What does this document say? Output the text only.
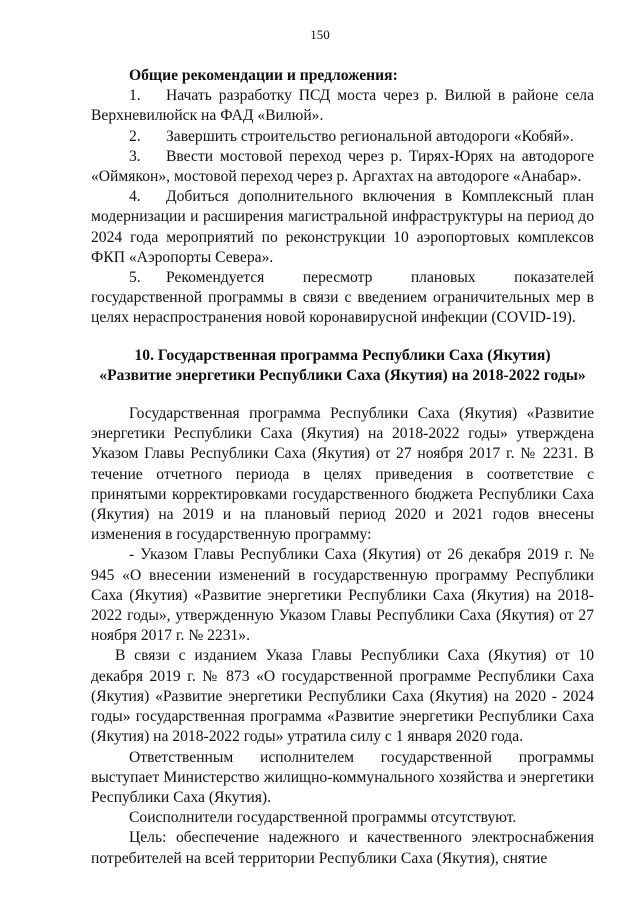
150

Общие рекомендации и предложения:

1. Начать разработку ПСД моста через р. Вилюй в районе села Верхневилюйск на ФАД «Вилюй».

2. Завершить строительство региональной автодороги «Кобяй».

3. Ввести мостовой переход через р. Тирях-Юрях на автодороге «Оймякон», мостовой переход через р. Аргахтах на автодороге «Анабар».

4. Добиться дополнительного включения в Комплексный план модернизации и расширения магистральной инфраструктуры на период до 2024 года мероприятий по реконструкции 10 аэропортовых комплексов ФКП «Аэропорты Севера».

5. Рекомендуется пересмотр плановых показателей государственной программы в связи с введением ограничительных мер в целях нераспространения новой коронавирусной инфекции (COVID-19).

10. Государственная программа Республики Саха (Якутия)
«Развитие энергетики Республики Саха (Якутия) на 2018-2022 годы»

Государственная программа Республики Саха (Якутия) «Развитие энергетики Республики Саха (Якутия) на 2018-2022 годы» утверждена Указом Главы Республики Саха (Якутия) от 27 ноября 2017 г. № 2231. В течение отчетного периода в целях приведения в соответствие с принятыми корректировками государственного бюджета Республики Саха (Якутия) на 2019 и на плановый период 2020 и 2021 годов внесены изменения в государственную программу:

- Указом Главы Республики Саха (Якутия) от 26 декабря 2019 г. № 945 «О внесении изменений в государственную программу Республики Саха (Якутия) «Развитие энергетики Республики Саха (Якутия) на 2018-2022 годы», утвержденную Указом Главы Республики Саха (Якутия) от 27 ноября 2017 г. № 2231».

В связи с изданием Указа Главы Республики Саха (Якутия) от 10 декабря 2019 г. № 873 «О государственной программе Республики Саха (Якутия) «Развитие энергетики Республики Саха (Якутия) на 2020 - 2024 годы» государственная программа «Развитие энергетики Республики Саха (Якутия) на 2018-2022 годы» утратила силу с 1 января 2020 года.

Ответственным исполнителем государственной программы выступает Министерство жилищно-коммунального хозяйства и энергетики Республики Саха (Якутия).

Соисполнители государственной программы отсутствуют.

Цель: обеспечение надежного и качественного электроснабжения потребителей на всей территории Республики Саха (Якутия), снятие
